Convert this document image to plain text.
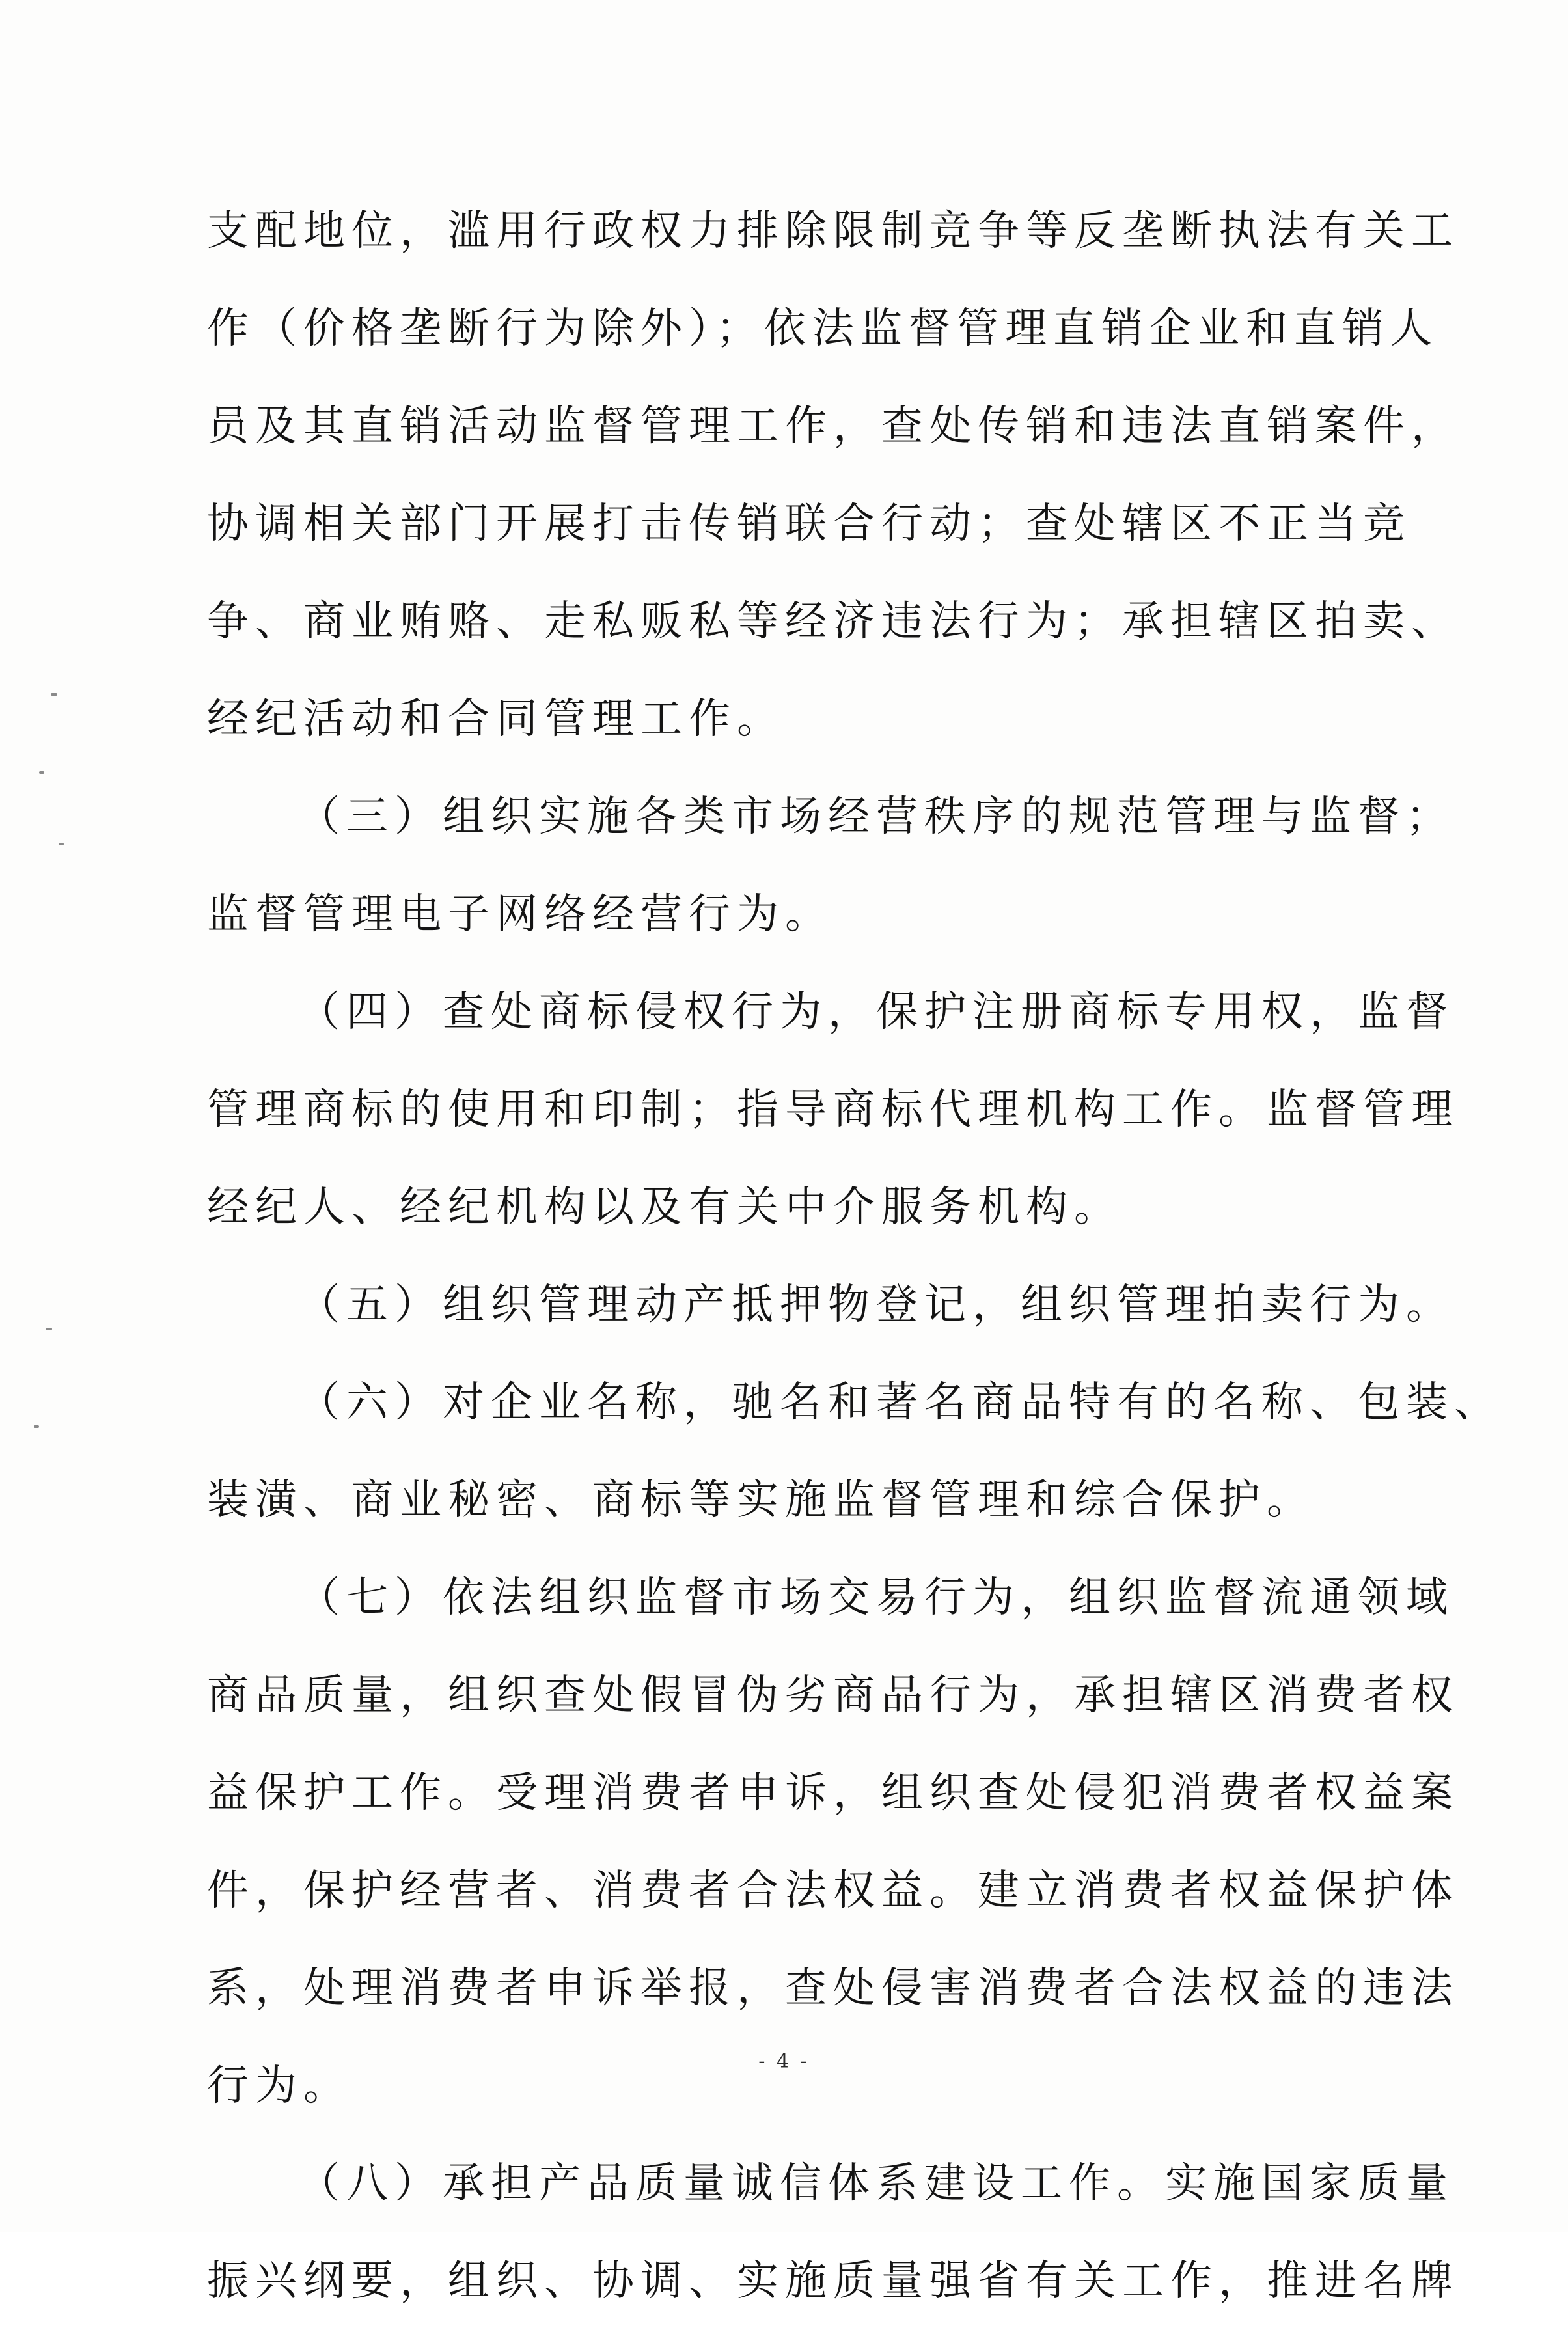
支配地位，滥用行政权力排除限制竞争等反垄断执法有关工
作（价格垄断行为除外）；依法监督管理直销企业和直销人
员及其直销活动监督管理工作，查处传销和违法直销案件，
协调相关部门开展打击传销联合行动；查处辖区不正当竞
争、商业贿赂、走私贩私等经济违法行为；承担辖区拍卖、
经纪活动和合同管理工作。
（三）组织实施各类市场经营秩序的规范管理与监督；
监督管理电子网络经营行为。
（四）查处商标侵权行为，保护注册商标专用权，监督
管理商标的使用和印制；指导商标代理机构工作。监督管理
经纪人、经纪机构以及有关中介服务机构。
（五）组织管理动产抵押物登记，组织管理拍卖行为。
（六）对企业名称，驰名和著名商品特有的名称、包装、
装潢、商业秘密、商标等实施监督管理和综合保护。
（七）依法组织监督市场交易行为，组织监督流通领域
商品质量，组织查处假冒伪劣商品行为，承担辖区消费者权
益保护工作。受理消费者申诉，组织查处侵犯消费者权益案
件，保护经营者、消费者合法权益。建立消费者权益保护体
系，处理消费者申诉举报，查处侵害消费者合法权益的违法
行为。
（八）承担产品质量诚信体系建设工作。实施国家质量
振兴纲要，组织、协调、实施质量强省有关工作，推进名牌
- 4 -
